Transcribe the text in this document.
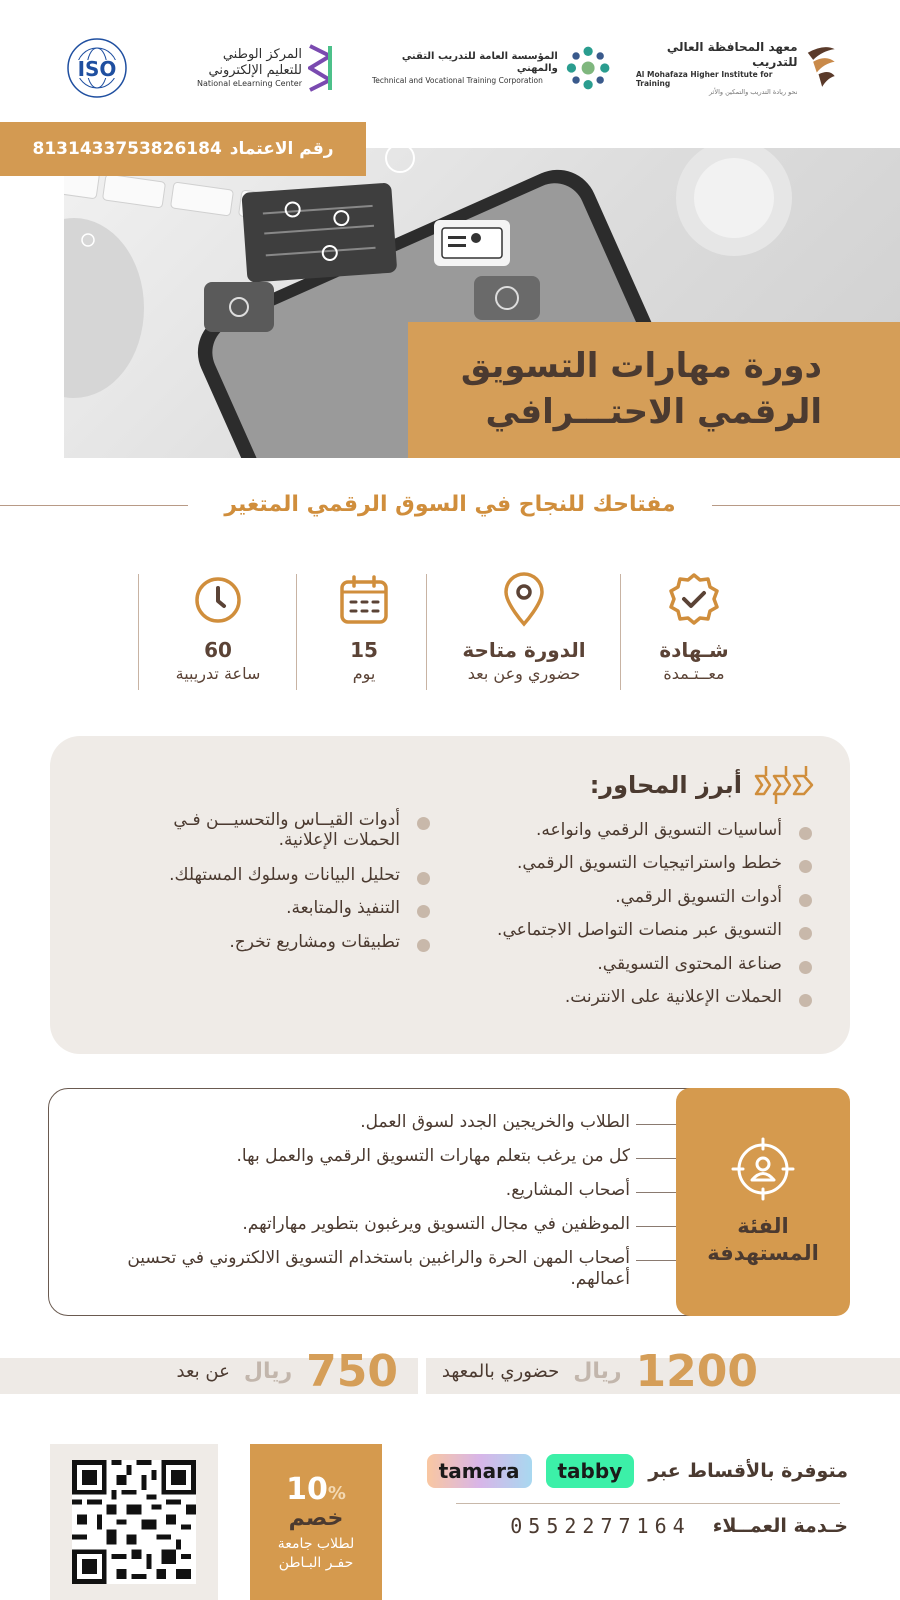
معهد المحافظة العالي للتدريب
Al Mohafaza Higher Institute for Training
نحو ريادة التدريب والتمكين والأثر
المؤسسة العامة للتدريب التقني والمهني
Technical and Vocational Training Corporation
المركز الوطني
للتعليم الإلكتروني
National eLearning Center
ISO
رقم الاعتماد
8131433753826184
دورة مهارات التسويق
الرقمي الاحتـــرافي
مفتاحك للنجاح في السوق الرقمي المتغير
شـهادة
معــتـمدة
الدورة متاحة
حضوري وعن بعد
15
يوم
60
ساعة تدريبية
أبرز المحاور:
أساسيات التسويق الرقمي وانواعه.
خطط واستراتيجيات التسويق الرقمي.
أدوات التسويق الرقمي.
التسويق عبر منصات التواصل الاجتماعي.
صناعة المحتوى التسويقي.
الحملات الإعلانية على الانترنت.
أدوات القيــاس والتحسيـــن فـي الحملات الإعلانية.
تحليل البيانات وسلوك المستهلك.
التنفيذ والمتابعة.
تطبيقات ومشاريع تخرج.
الفئة
المستهدفة
الطلاب والخريجين الجدد لسوق العمل.
كل من يرغب بتعلم مهارات التسويق الرقمي والعمل بها.
أصحاب المشاريع.
الموظفين في مجال التسويق ويرغبون بتطوير مهاراتهم.
أصحاب المهن الحرة والراغبين باستخدام التسويق الالكتروني في تحسين أعمالهم.
1200
ريال
حضوري بالمعهد
750
ريال
عن بعد
10%
خصم
لطلاب جامعة
حفـر البـاطن
متوفرة بالأقساط عبر
tabby
tamara
خـدمة العمــلاء
0552277164
